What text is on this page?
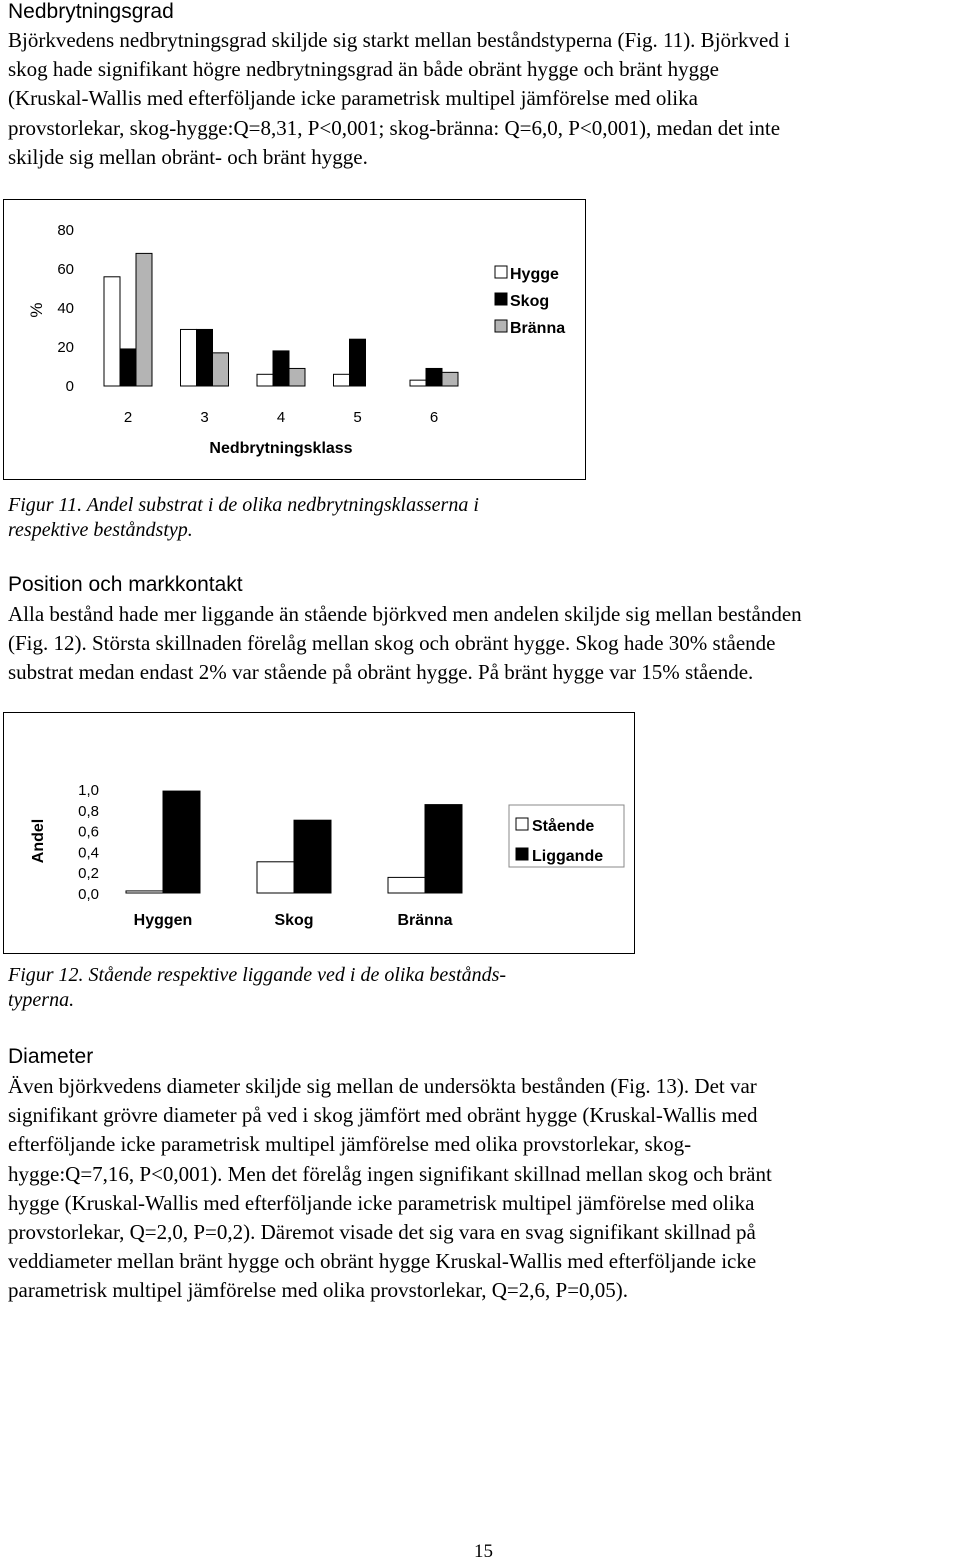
Nedbrytningsgrad
Björkvedens nedbrytningsgrad skiljde sig starkt mellan beståndstyperna (Fig. 11). Björkved i
skog hade signifikant högre nedbrytningsgrad än både obränt hygge och bränt hygge
(Kruskal-Wallis med efterföljande icke parametrisk multipel jämförelse med olika
provstorlekar, skog-hygge:Q=8,31, P<0,001; skog-bränna: Q=6,0, P<0,001), medan det inte
skiljde sig mellan obränt- och bränt hygge.
0
20
40
60
80
%
2	3	4	5	6
Nedbrytningsklass
Hygge
Skog
Bränna
Figur 11. Andel substrat i de olika nedbrytningsklasserna i
respektive beståndstyp.
Position och markkontakt
Alla bestånd hade mer liggande än stående björkved men andelen skiljde sig mellan bestånden
(Fig. 12). Största skillnaden förelåg mellan skog och obränt hygge. Skog hade 30% stående
substrat medan endast 2% var stående på obränt hygge. På bränt hygge var 15% stående.
0,0
0,2
0,4
0,6
0,8
1,0
Andel
Hyggen	Skog	Bränna
Stående
Liggande
Figur 12. Stående respektive liggande ved i de olika bestånds-
typerna.
Diameter
Även björkvedens diameter skiljde sig mellan de undersökta bestånden (Fig. 13). Det var
signifikant grövre diameter på ved i skog jämfört med obränt hygge (Kruskal-Wallis med
efterföljande icke parametrisk multipel jämförelse med olika provstorlekar, skog-
hygge:Q=7,16, P<0,001). Men det förelåg ingen signifikant skillnad mellan skog och bränt
hygge (Kruskal-Wallis med efterföljande icke parametrisk multipel jämförelse med olika
provstorlekar, Q=2,0, P=0,2). Däremot visade det sig vara en svag signifikant skillnad på
veddiameter mellan bränt hygge och obränt hygge Kruskal-Wallis med efterföljande icke
parametrisk multipel jämförelse med olika provstorlekar, Q=2,6, P=0,05).
15
